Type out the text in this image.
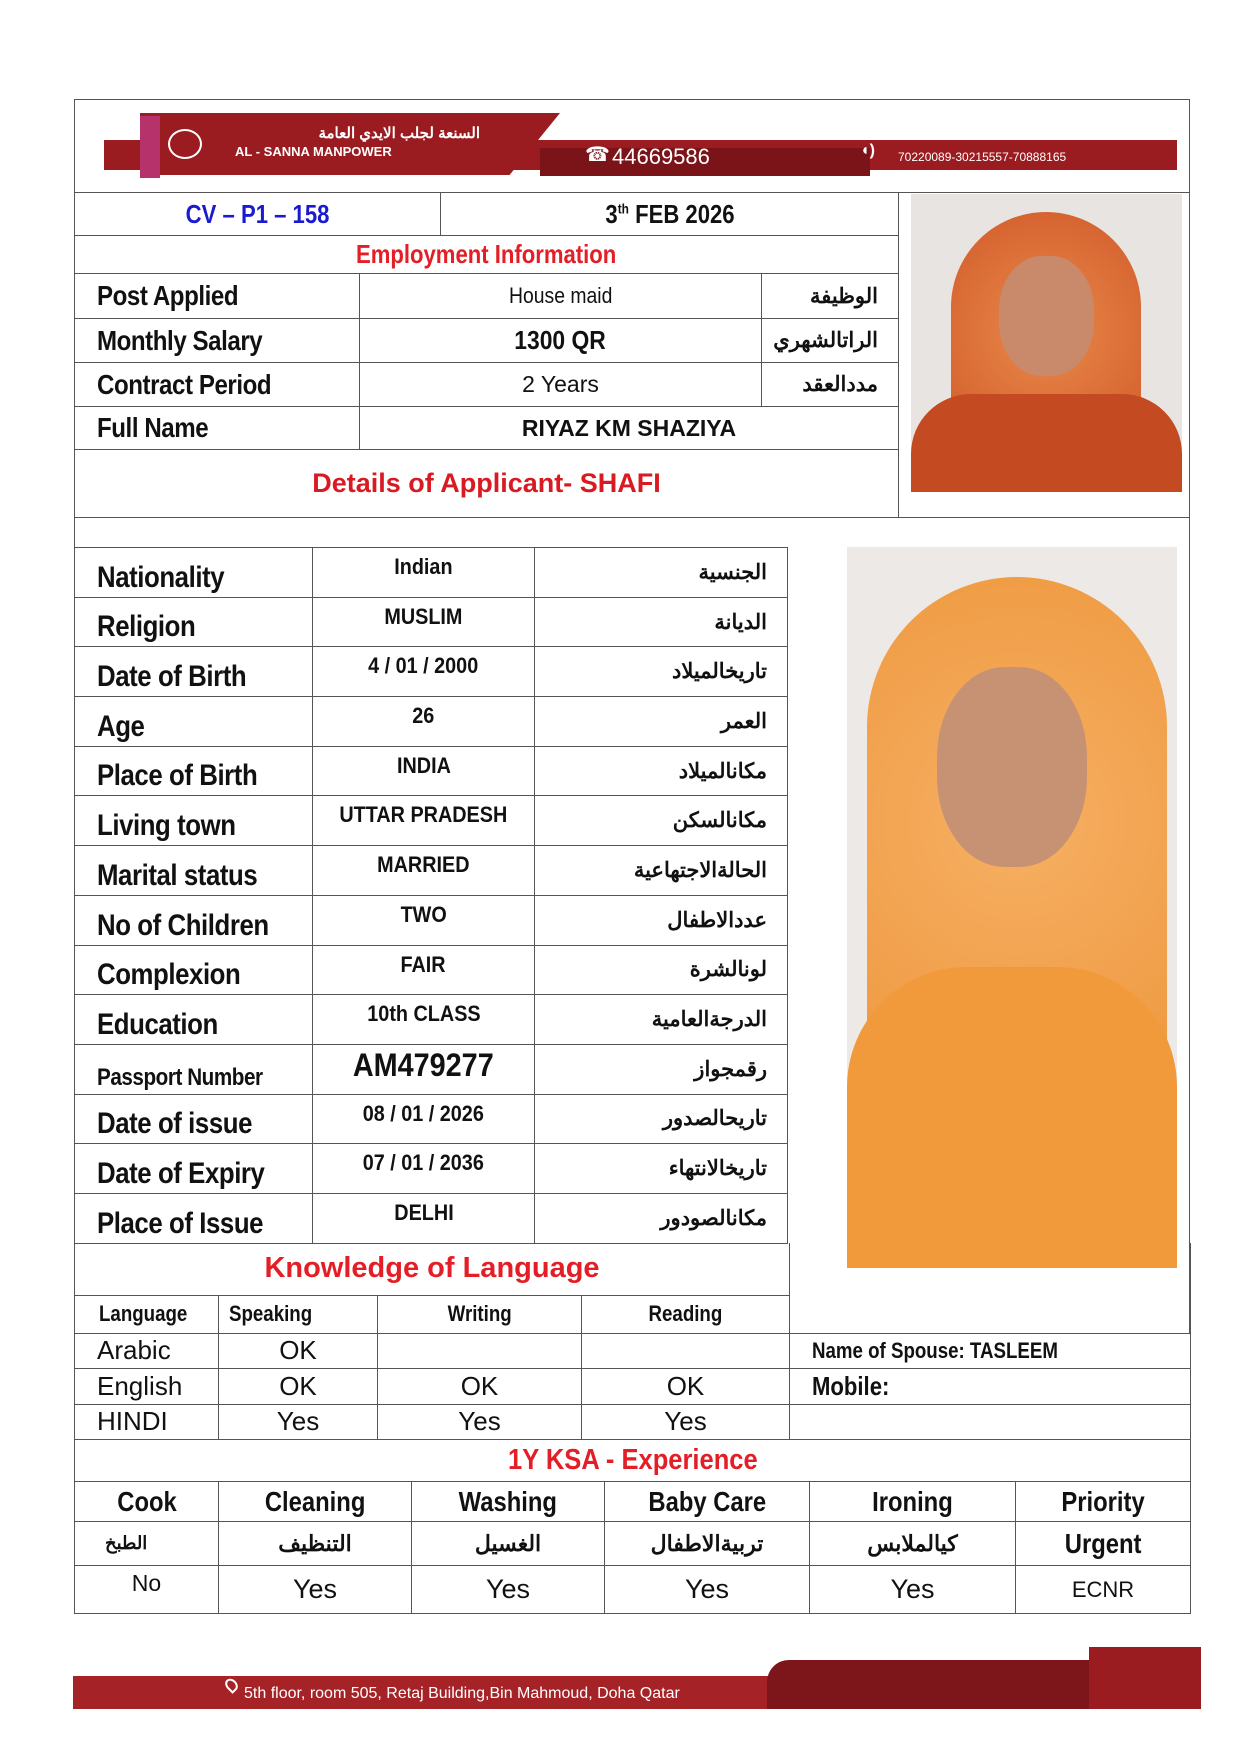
السنعة لجلب الايدي العامة
AL - SANNA MANPOWER	☎ 44669586	◖) 70220089-30215557-70888165
CV – P1 – 158		3th FEB 2026	
Employment Information			
Post Applied	House maid		الوظيفة
Monthly Salary	1300 QR		الراتالشهري
Contract Period	2 Years		مددالعقد
Full Name	RIYAZ KM SHAZIYA		
Details of Applicant- SHAFI			
Nationality	Indian	الجنسية
Religion	MUSLIM	الديانة
Date of Birth	4 / 01 / 2000	تاريخالميلاد
Age	26	العمر
Place of Birth	INDIA	مكانالميلاد
Living town	UTTAR PRADESH	مكانالسكن
Marital status	MARRIED	الحالةالاجتهاعية
No of Children	TWO	عددالاطفال
Complexion	FAIR	لونالشرة
Education	10th CLASS	الدرجةالعامية
Passport Number	AM479277	رقمجواز
Date of issue	08 / 01 / 2026	تاريحالصدور
Date of Expiry	07 / 01 / 2036	تاريخالانتهاء
Place of Issue	DELHI	مكانالصودور
Knowledge of Language				
Language	Speaking	Writing	Reading	
Arabic	OK			Name of Spouse: TASLEEM
English	OK	OK	OK	Mobile:
HINDI	Yes	Yes	Yes	
1Y KSA - Experience					
Cook	Cleaning	Washing	Baby Care	Ironing	Priority
الطبخ	التنظيف	الغسيل	تربيةالاطفال	كيالملابس	Urgent
No	Yes	Yes	Yes	Yes	ECNR
5th floor, room 505, Retaj Building,Bin Mahmoud, Doha Qatar
